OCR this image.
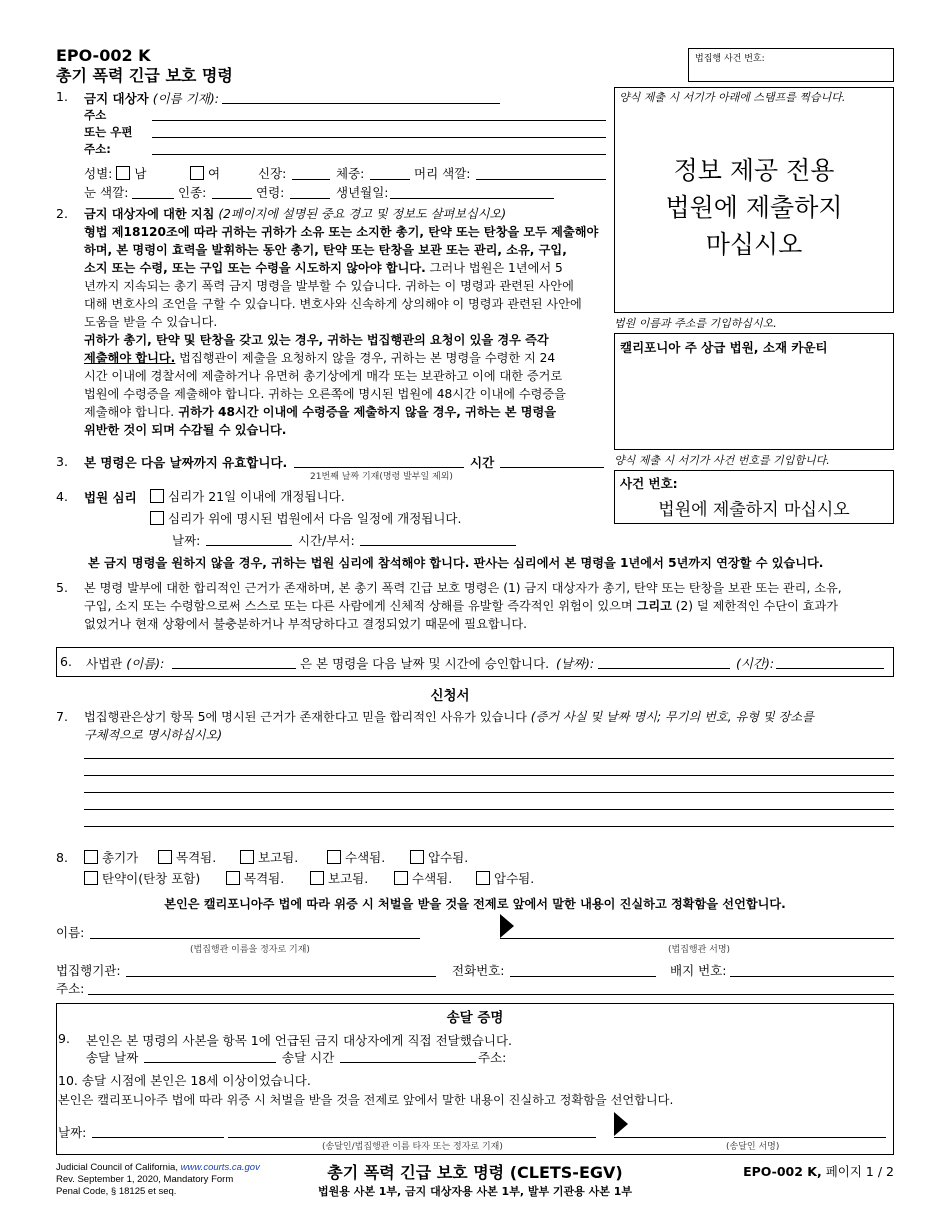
EPO-002 K
총기 폭력 긴급 보호 명령
법집행 사건 번호:
양식 제출 시 서기가 아래에 스탬프를 찍습니다.
정보 제공 전용
법원에 제출하지
마십시오
법원 이름과 주소를 기입하십시오.
캘리포니아 주 상급 법원, 소재 카운티
양식 제출 시 서기가 사건 번호를 기입합니다.
사건 번호:
법원에 제출하지 마십시오
1. 금지 대상자 (이름 기재):
주소
또는 우편
주소:
성별: 남	여	신장:	체중:	머리 색깔:
눈 색깔:	인종:	연령:	생년월일:
2. 금지 대상자에 대한 지침 (2페이지에 설명된 중요 경고 및 정보도 살펴보십시오)
형법 제18120조에 따라 귀하는 귀하가 소유 또는 소지한 총기, 탄약 또는 탄창을 모두 제출해야
하며, 본 명령이 효력을 발휘하는 동안 총기, 탄약 또는 탄창을 보관 또는 관리, 소유, 구입,
소지 또는 수령, 또는 구입 또는 수령을 시도하지 않아야 합니다. 그러나 법원은 1년에서 5
년까지 지속되는 총기 폭력 금지 명령을 발부할 수 있습니다. 귀하는 이 명령과 관련된 사안에
대해 변호사의 조언을 구할 수 있습니다. 변호사와 신속하게 상의해야 이 명령과 관련된 사안에
도움을 받을 수 있습니다.
귀하가 총기, 탄약 및 탄창을 갖고 있는 경우, 귀하는 법집행관의 요청이 있을 경우 즉각
제출해야 합니다. 법집행관이 제출을 요청하지 않을 경우, 귀하는 본 명령을 수령한 지 24
시간 이내에 경찰서에 제출하거나 유면허 총기상에게 매각 또는 보관하고 이에 대한 증거로
법원에 수령증을 제출해야 합니다. 귀하는 오른쪽에 명시된 법원에 48시간 이내에 수령증을
제출해야 합니다. 귀하가 48시간 이내에 수령증을 제출하지 않을 경우, 귀하는 본 명령을
위반한 것이 되며 수감될 수 있습니다.
3. 본 명령은 다음 날짜까지 유효합니다.
21번째 날짜 기재(명령 발부일 제외)
시간
4. 법원 심리	심리가 21일 이내에 개정됩니다.
심리가 위에 명시된 법원에서 다음 일정에 개정됩니다.
날짜:	시간/부서:
본 금지 명령을 원하지 않을 경우, 귀하는 법원 심리에 참석해야 합니다. 판사는 심리에서 본 명령을 1년에서 5년까지 연장할 수 있습니다.
5. 본 명령 발부에 대한 합리적인 근거가 존재하며, 본 총기 폭력 긴급 보호 명령은 (1) 금지 대상자가 총기, 탄약 또는 탄창을 보관 또는 관리, 소유,
구입, 소지 또는 수령함으로써 스스로 또는 다른 사람에게 신체적 상해를 유발할 즉각적인 위험이 있으며 그리고 (2) 덜 제한적인 수단이 효과가
없었거나 현재 상황에서 불충분하거나 부적당하다고 결정되었기 때문에 필요합니다.
6. 사법관 (이름):	은 본 명령을 다음 날짜 및 시간에 승인합니다. (날짜):	(시간):
신청서
7. 법집행관은상기 항목 5에 명시된 근거가 존재한다고 믿을 합리적인 사유가 있습니다 (증거 사실 및 날짜 명시; 무기의 번호, 유형 및 장소를
구체적으로 명시하십시오)
8.	총기가	목격됨.	보고됨.	수색됨.	압수됨.
탄약이(탄창 포함)	목격됨.	보고됨.	수색됨.	압수됨.
본인은 캘리포니아주 법에 따라 위증 시 처벌을 받을 것을 전제로 앞에서 말한 내용이 진실하고 정확함을 선언합니다.
이름:
(법집행관 이름을 정자로 기재)	(법집행관 서명)
법집행기관:	전화번호:	배지 번호:
주소:
송달 증명
9. 본인은 본 명령의 사본을 항목 1에 언급된 금지 대상자에게 직접 전달했습니다.
송달 날짜	송달 시간	주소:
10. 송달 시점에 본인은 18세 이상이었습니다.
본인은 캘리포니아주 법에 따라 위증 시 처벌을 받을 것을 전제로 앞에서 말한 내용이 진실하고 정확함을 선언합니다.
날짜:
(송달인/법집행관 이름 타자 또는 정자로 기재)	(송달인 서명)
Judicial Council of California, www.courts.ca.gov
Rev. September 1, 2020, Mandatory Form
Penal Code, § 18125 et seq.
총기 폭력 긴급 보호 명령 (CLETS-EGV)
법원용 사본 1부, 금지 대상자용 사본 1부, 발부 기관용 사본 1부
EPO-002 K, 페이지 1 / 2
